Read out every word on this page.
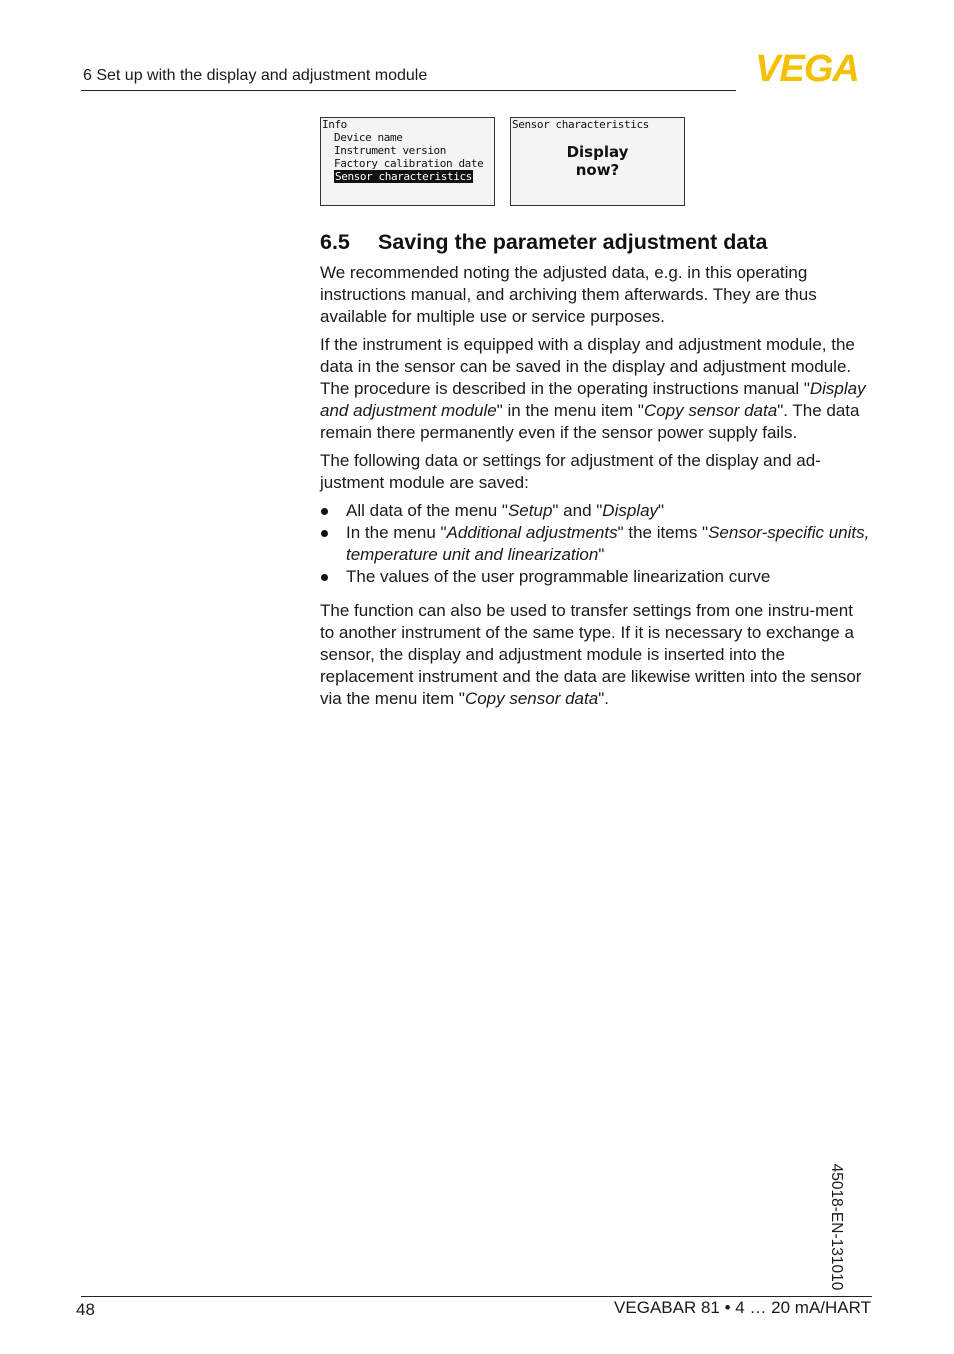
6 Set up with the display and adjustment module	VEGA
Info
Device name
Instrument version
Factory calibration date
Sensor characteristics
Sensor characteristics
Display
now?
6.5 Saving the parameter adjustment data

We recommended noting the adjusted data, e.g. in this operating instructions manual, and archiving them afterwards. They are thus available for multiple use or service purposes.

If the instrument is equipped with a display and adjustment module, the data in the sensor can be saved in the display and adjustment module. The procedure is described in the operating instructions manual "Display and adjustment module" in the menu item "Copy sensor data". The data remain there permanently even if the sensor power supply fails.

The following data or settings for adjustment of the display and ad-justment module are saved:

All data of the menu "Setup" and "Display"
In the menu "Additional adjustments" the items "Sensor-specific units, temperature unit and linearization"
The values of the user programmable linearization curve

The function can also be used to transfer settings from one instru-ment to another instrument of the same type. If it is necessary to exchange a sensor, the display and adjustment module is inserted into the replacement instrument and the data are likewise written into the sensor via the menu item "Copy sensor data".

45018-EN-131010
48	VEGABAR 81 • 4 … 20 mA/HART
